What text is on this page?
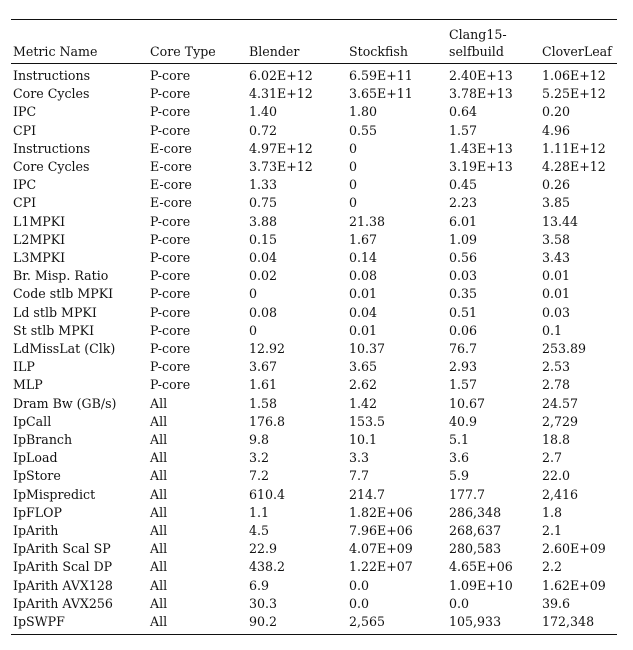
Metric Name	Core Type	Blender	Stockfish	Clang15-selfbuild	CloverLeaf
Instructions	P-core	6.02E+12	6.59E+11	2.40E+13	1.06E+12
Core Cycles	P-core	4.31E+12	3.65E+11	3.78E+13	5.25E+12
IPC	P-core	1.40	1.80	0.64	0.20
CPI	P-core	0.72	0.55	1.57	4.96
Instructions	E-core	4.97E+12	0	1.43E+13	1.11E+12
Core Cycles	E-core	3.73E+12	0	3.19E+13	4.28E+12
IPC	E-core	1.33	0	0.45	0.26
CPI	E-core	0.75	0	2.23	3.85
L1MPKI	P-core	3.88	21.38	6.01	13.44
L2MPKI	P-core	0.15	1.67	1.09	3.58
L3MPKI	P-core	0.04	0.14	0.56	3.43
Br. Misp. Ratio	P-core	0.02	0.08	0.03	0.01
Code stlb MPKI	P-core	0	0.01	0.35	0.01
Ld stlb MPKI	P-core	0.08	0.04	0.51	0.03
St stlb MPKI	P-core	0	0.01	0.06	0.1
LdMissLat (Clk)	P-core	12.92	10.37	76.7	253.89
ILP	P-core	3.67	3.65	2.93	2.53
MLP	P-core	1.61	2.62	1.57	2.78
Dram Bw (GB/s)	All	1.58	1.42	10.67	24.57
IpCall	All	176.8	153.5	40.9	2,729
IpBranch	All	9.8	10.1	5.1	18.8
IpLoad	All	3.2	3.3	3.6	2.7
IpStore	All	7.2	7.7	5.9	22.0
IpMispredict	All	610.4	214.7	177.7	2,416
IpFLOP	All	1.1	1.82E+06	286,348	1.8
IpArith	All	4.5	7.96E+06	268,637	2.1
IpArith Scal SP	All	22.9	4.07E+09	280,583	2.60E+09
IpArith Scal DP	All	438.2	1.22E+07	4.65E+06	2.2
IpArith AVX128	All	6.9	0.0	1.09E+10	1.62E+09
IpArith AVX256	All	30.3	0.0	0.0	39.6
IpSWPF	All	90.2	2,565	105,933	172,348
